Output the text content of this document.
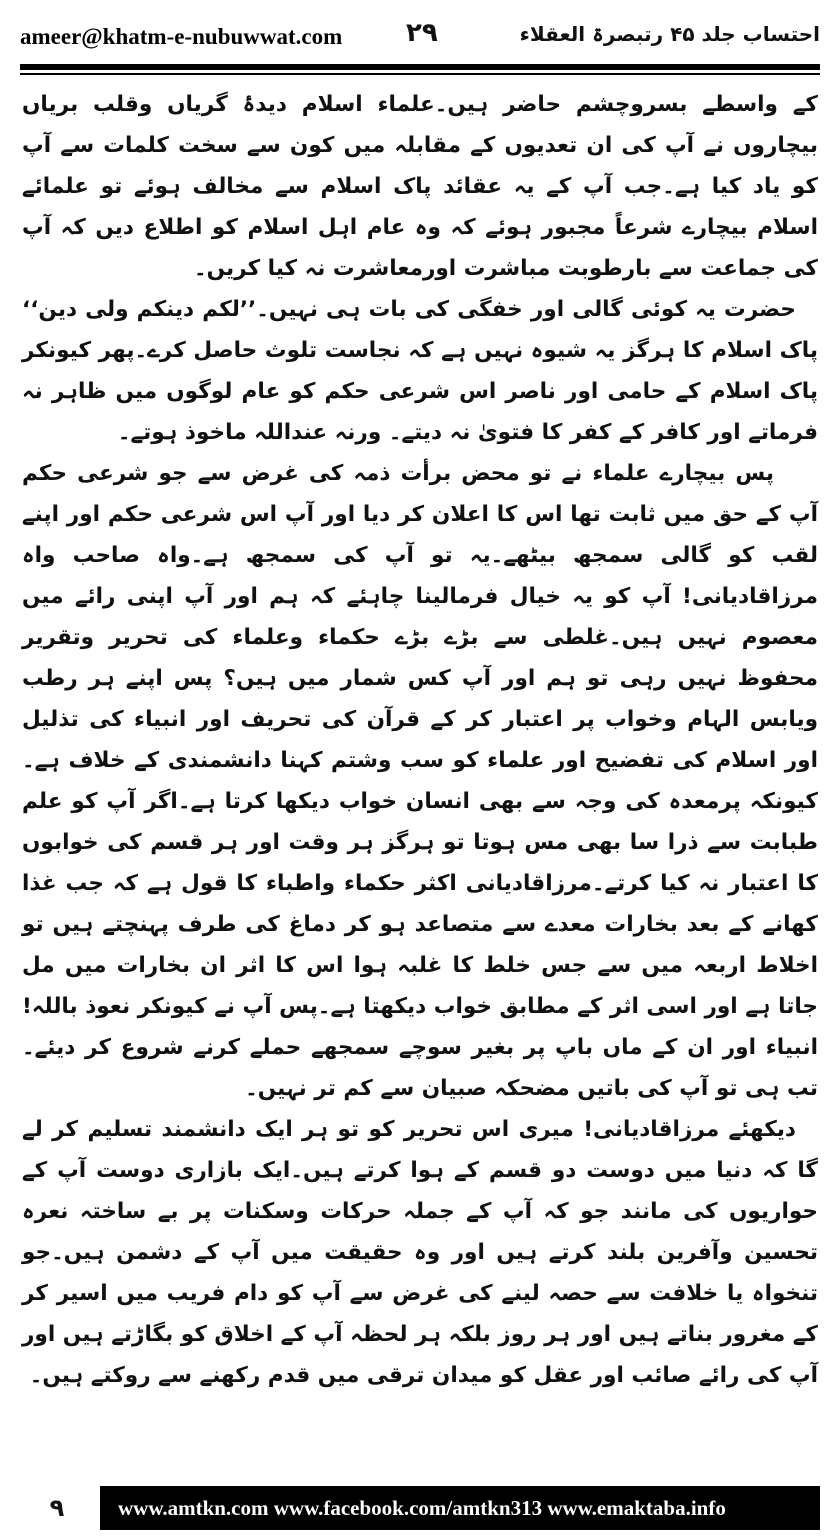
ameer@khatm-e-nubuwwat.com ۲۹	احتساب جلد ۴۵ رتبصرۃ العقلاء

کے واسطے بسروچشم حاضر ہیں۔علماء اسلام دیدۂ گریاں وقلب بریاں بیچاروں نے آپ کی ان تعدیوں کے مقابلہ میں کون سے سخت کلمات سے آپ کو یاد کیا ہے۔جب آپ کے یہ عقائد پاک اسلام سے مخالف ہوئے تو علمائے اسلام بیچارے شرعاً مجبور ہوئے کہ وہ عام اہل اسلام کو اطلاع دیں کہ آپ کی جماعت سے بارطوبت مباشرت اورمعاشرت نہ کیا کریں۔

حضرت یہ کوئی گالی اور خفگی کی بات ہی نہیں۔’’لکم دینکم ولی دین‘‘ پاک اسلام کا ہرگز یہ شیوہ نہیں ہے کہ نجاست تلوث حاصل کرے۔پھر کیونکر پاک اسلام کے حامی اور ناصر اس شرعی حکم کو عام لوگوں میں ظاہر نہ فرماتے اور کافر کے کفر کا فتویٰ نہ دیتے۔ ورنہ عنداللہ ماخوذ ہوتے۔

پس بیچارے علماء نے تو محض برأت ذمہ کی غرض سے جو شرعی حکم آپ کے حق میں ثابت تھا اس کا اعلان کر دیا اور آپ اس شرعی حکم اور اپنے لقب کو گالی سمجھ بیٹھے۔یہ تو آپ کی سمجھ ہے۔واہ صاحب واہ مرزاقادیانی! آپ کو یہ خیال فرمالینا چاہئے کہ ہم اور آپ اپنی رائے میں معصوم نہیں ہیں۔غلطی سے بڑے بڑے حکماء وعلماء کی تحریر وتقریر محفوظ نہیں رہی تو ہم اور آپ کس شمار میں ہیں؟ پس اپنے ہر رطب ویابس الہام وخواب پر اعتبار کر کے قرآن کی تحریف اور انبیاء کی تذلیل اور اسلام کی تفضیح اور علماء کو سب وشتم کہنا دانشمندی کے خلاف ہے۔کیونکہ پرمعدہ کی وجہ سے بھی انسان خواب دیکھا کرتا ہے۔اگر آپ کو علم طبابت سے ذرا سا بھی مس ہوتا تو ہرگز ہر وقت اور ہر قسم کی خوابوں کا اعتبار نہ کیا کرتے۔مرزاقادیانی اکثر حکماء واطباء کا قول ہے کہ جب غذا کھانے کے بعد بخارات معدے سے متصاعد ہو کر دماغ کی طرف پہنچتے ہیں تو اخلاط اربعہ میں سے جس خلط کا غلبہ ہوا اس کا اثر ان بخارات میں مل جاتا ہے اور اسی اثر کے مطابق خواب دیکھتا ہے۔پس آپ نے کیونکر نعوذ باللہ! انبیاء اور ان کے ماں باپ پر بغیر سوچے سمجھے حملے کرنے شروع کر دیئے۔تب ہی تو آپ کی باتیں مضحکہ صبیان سے کم تر نہیں۔

دیکھئے مرزاقادیانی! میری اس تحریر کو تو ہر ایک دانشمند تسلیم کر لے گا کہ دنیا میں دوست دو قسم کے ہوا کرتے ہیں۔ایک بازاری دوست آپ کے حواریوں کی مانند جو کہ آپ کے جملہ حرکات وسکنات پر بے ساختہ نعرہ تحسین وآفرین بلند کرتے ہیں اور وہ حقیقت میں آپ کے دشمن ہیں۔جو تنخواہ یا خلافت سے حصہ لینے کی غرض سے آپ کو دام فریب میں اسیر کر کے مغرور بناتے ہیں اور ہر روز بلکہ ہر لحظہ آپ کے اخلاق کو بگاڑتے ہیں اور آپ کی رائے صائب اور عقل کو میدان ترقی میں قدم رکھنے سے روکتے ہیں۔

۹	www.amtkn.com www.facebook.com/amtkn313 www.emaktaba.info
